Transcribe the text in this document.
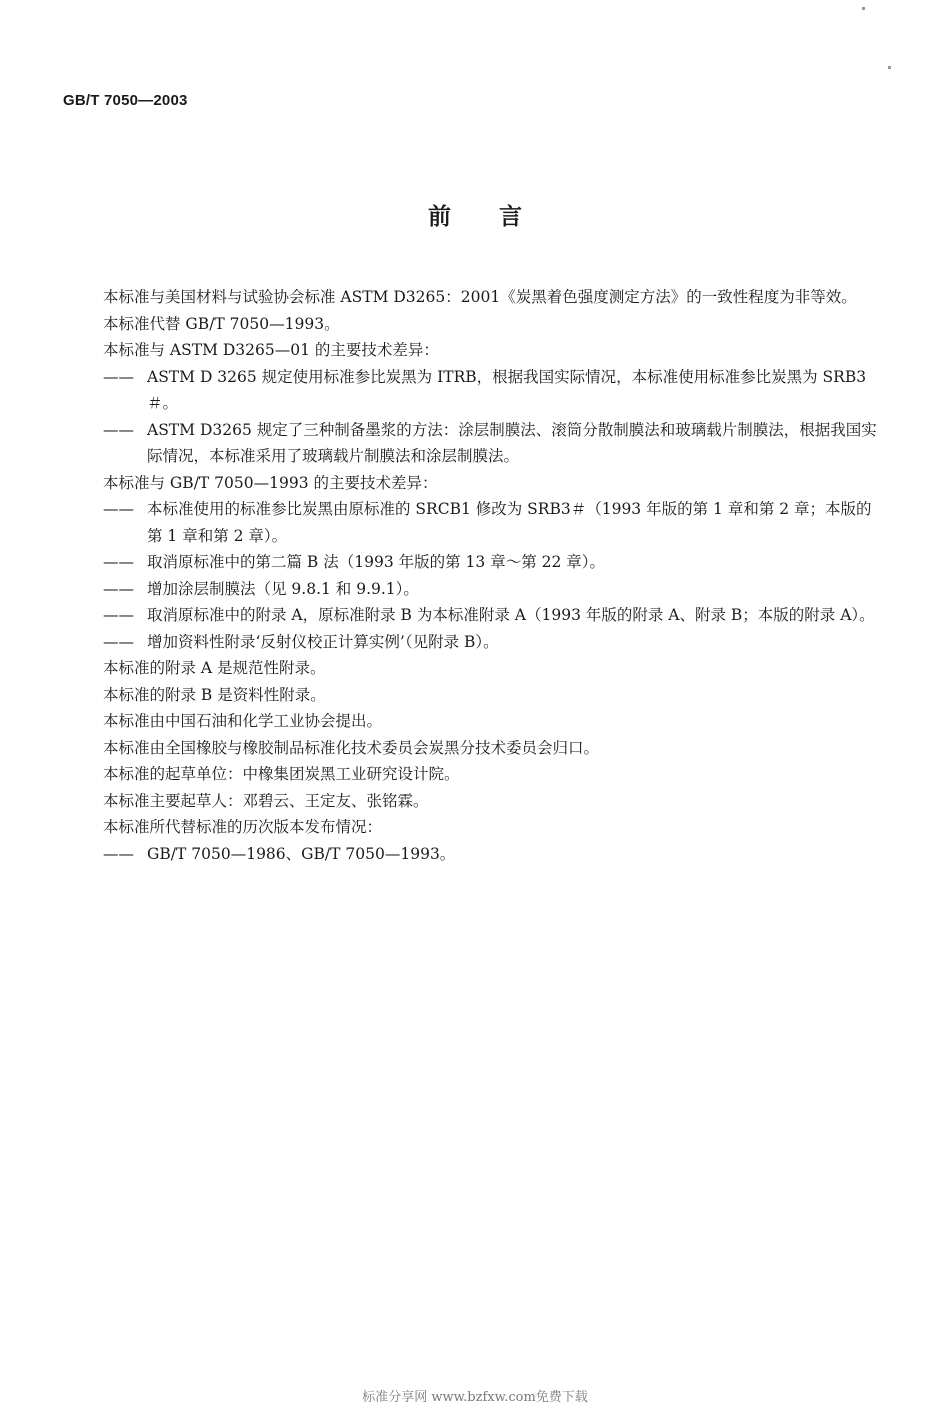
GB/T 7050—2003
前言

本标准与美国材料与试验协会标准 ASTM D3265：2001《炭黑着色强度测定方法》的一致性程度为非等效。

本标准代替 GB/T 7050—1993。

本标准与 ASTM D3265—01 的主要技术差异：

—— ASTM D 3265 规定使用标准参比炭黑为 ITRB，根据我国实际情况，本标准使用标准参比炭黑为 SRB3＃。
—— ASTM D3265 规定了三种制备墨浆的方法：涂层制膜法、滚筒分散制膜法和玻璃载片制膜法，根据我国实际情况，本标准采用了玻璃载片制膜法和涂层制膜法。

本标准与 GB/T 7050—1993 的主要技术差异：

—— 本标准使用的标准参比炭黑由原标准的 SRCB1 修改为 SRB3＃（1993 年版的第 1 章和第 2 章；本版的第 1 章和第 2 章）。
—— 取消原标准中的第二篇 B 法（1993 年版的第 13 章～第 22 章）。
—— 增加涂层制膜法（见 9.8.1 和 9.9.1）。
—— 取消原标准中的附录 A，原标准附录 B 为本标准附录 A（1993 年版的附录 A、附录 B；本版的附录 A）。
—— 增加资料性附录‘反射仪校正计算实例’（见附录 B）。

本标准的附录 A 是规范性附录。

本标准的附录 B 是资料性附录。

本标准由中国石油和化学工业协会提出。

本标准由全国橡胶与橡胶制品标准化技术委员会炭黑分技术委员会归口。

本标准的起草单位：中橡集团炭黑工业研究设计院。

本标准主要起草人：邓碧云、王定友、张铭霖。

本标准所代替标准的历次版本发布情况：

—— GB/T 7050—1986、GB/T 7050—1993。
标准分享网 www.bzfxw.com免费下载
